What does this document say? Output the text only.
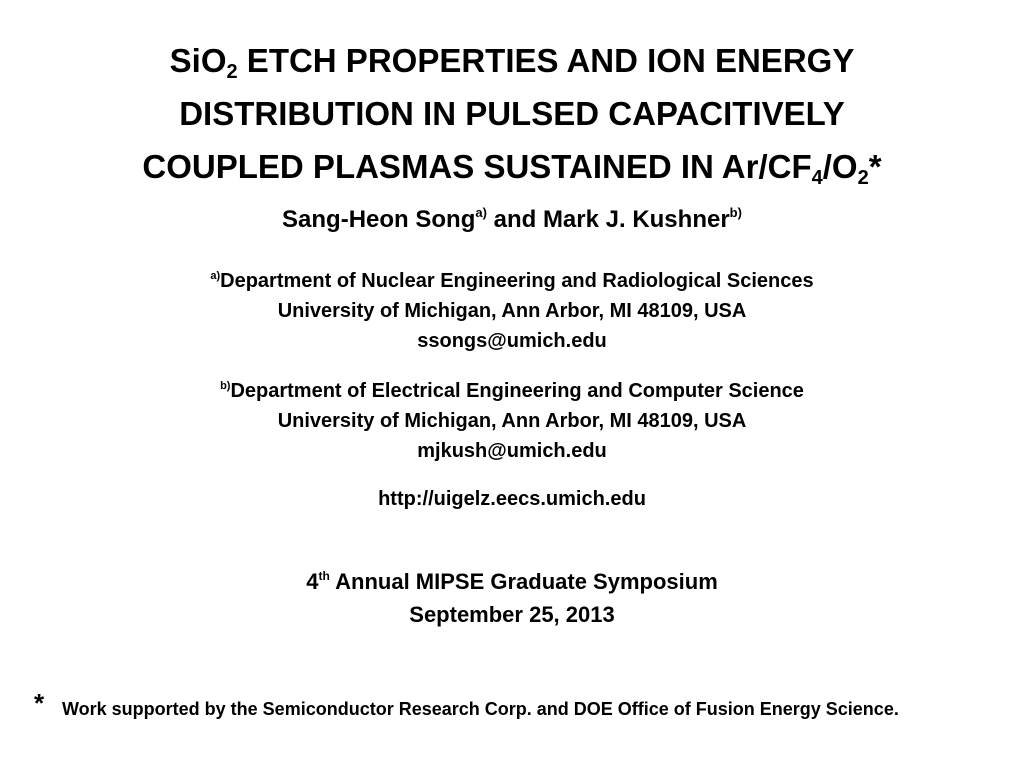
SiO$_2$ ETCH PROPERTIES AND ION ENERGY
DISTRIBUTION IN PULSED CAPACITIVELY
COUPLED PLASMAS SUSTAINED IN $Ar/CF_4/O_2*$
Sang-Heon Song$^{a)}$ and Mark J. Kushner$^{b)}$
$^{a)}$Department of Nuclear Engineering and Radiological Sciences
University of Michigan, Ann Arbor, MI 48109, USA
ssongs@umich.edu
$^{b)}$Department of Electrical Engineering and Computer Science
University of Michigan, Ann Arbor, MI 48109, USA
mjkush@umich.edu
http://uigelz.eecs.umich.edu
4th Annual MIPSE Graduate Symposium
September 25, 2013
* Work supported by the Semiconductor Research Corp. and DOE Office of Fusion Energy Science.
